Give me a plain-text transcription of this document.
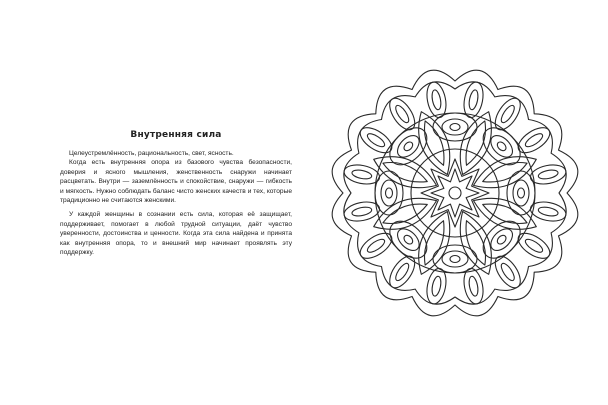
Внутренняя сила

Целеустремлённость, рациональность, свет, ясность.

Когда есть внутренняя опора из базового чувства безопасности, доверия и ясного мышления, женственность снаружи начинает расцветать. Внутри — заземлённость и спокойствие, снаружи — гибкость и мягкость. Нужно соблюдать баланс чисто женских качеств и тех, которые традиционно не считаются женскими.

У каждой женщины в сознании есть сила, которая её защищает, поддерживает, помогает в любой трудной ситуации, даёт чувство уверенности, достоинства и ценности. Когда эта сила найдена и принята как внутренняя опора, то и внешний мир начинает проявлять эту поддержку.
